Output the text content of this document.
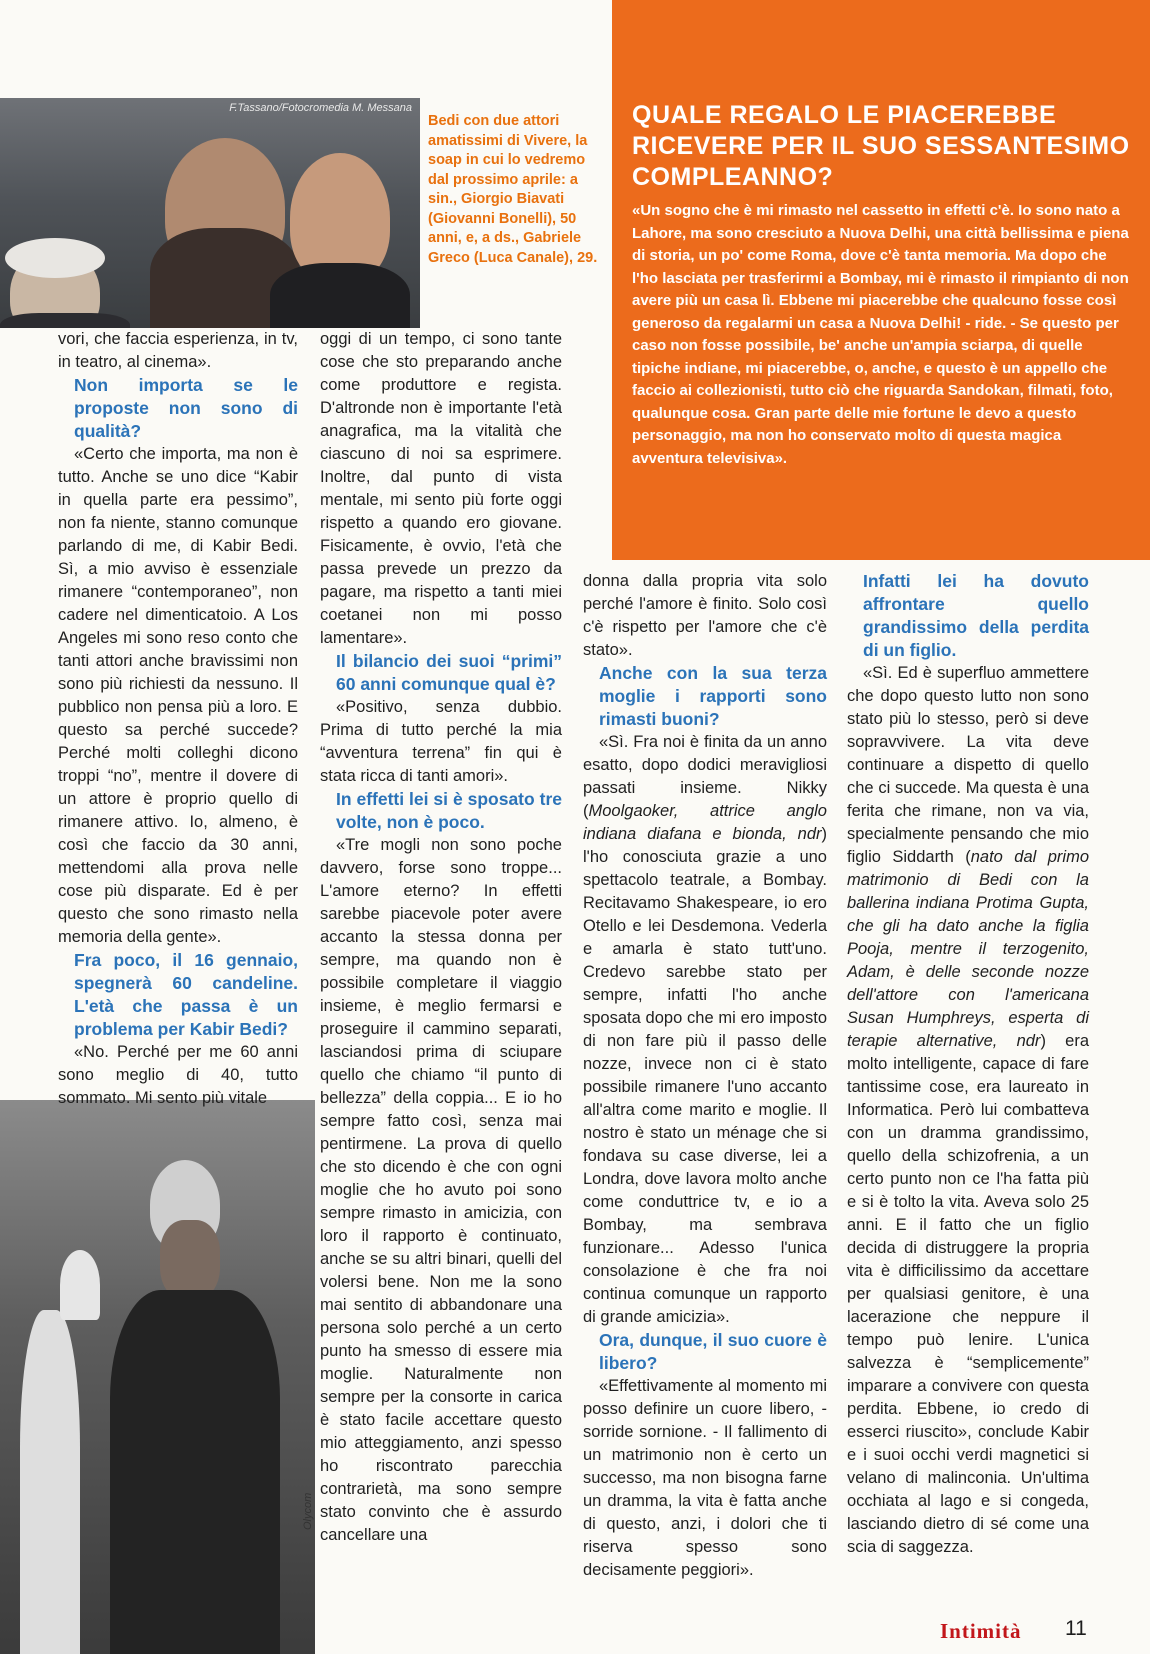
F.Tassano/Fotocromedia M. Messana
Bedi con due attori amatissimi di Vivere, la soap in cui lo vedremo dal prossimo aprile: a sin., Giorgio Biavati (Giovanni Bonelli), 50 anni, e, a ds., Gabriele Greco (Luca Canale), 29.
QUALE REGALO LE PIACEREBBE RICEVERE PER IL SUO SESSANTESIMO COMPLEANNO?
«Un sogno che è mi rimasto nel cassetto in effetti c'è. Io sono nato a Lahore, ma sono cresciuto a Nuova Delhi, una città bellissima e piena di storia, un po' come Roma, dove c'è tanta memoria. Ma dopo che l'ho lasciata per trasferirmi a Bombay, mi è rimasto il rimpianto di non avere più un casa lì. Ebbene mi piacerebbe che qualcuno fosse così generoso da regalarmi un casa a Nuova Delhi! - ride. - Se questo per caso non fosse possibile, be' anche un'ampia sciarpa, di quelle tipiche indiane, mi piacerebbe, o, anche, e questo è un appello che faccio ai collezionisti, tutto ciò che riguarda Sandokan, filmati, foto, qualunque cosa. Gran parte delle mie fortune le devo a questo personaggio, ma non ho conservato molto di questa magica avventura televisiva».
Olycom

vori, che faccia esperienza, in tv, in teatro, al cinema».

Non importa se le proposte non sono di qualità?

«Certo che importa, ma non è tutto. Anche se uno dice “Kabir in quella parte era pessimo”, non fa niente, stanno comunque parlando di me, di Kabir Bedi. Sì, a mio avviso è essenziale rimanere “contemporaneo”, non cadere nel dimenticatoio. A Los Angeles mi sono reso conto che tanti attori anche bravissimi non sono più richiesti da nessuno. Il pubblico non pensa più a loro. E questo sa perché succede? Perché molti colleghi dicono troppi “no”, mentre il dovere di un attore è proprio quello di rimanere attivo. Io, almeno, è così che faccio da 30 anni, mettendomi alla prova nelle cose più disparate. Ed è per questo che sono rimasto nella memoria della gente».

Fra poco, il 16 gennaio, spegnerà 60 candeline. L'età che passa è un problema per Kabir Bedi?

«No. Perché per me 60 anni sono meglio di 40, tutto sommato. Mi sento più vitale

oggi di un tempo, ci sono tante cose che sto preparando anche come produttore e regista. D'altronde non è importante l'età anagrafica, ma la vitalità che ciascuno di noi sa esprimere. Inoltre, dal punto di vista mentale, mi sento più forte oggi rispetto a quando ero giovane. Fisicamente, è ovvio, l'età che passa prevede un prezzo da pagare, ma rispetto a tanti miei coetanei non mi posso lamentare».

Il bilancio dei suoi “primi” 60 anni comunque qual è?

«Positivo, senza dubbio. Prima di tutto perché la mia “avventura terrena” fin qui è stata ricca di tanti amori».

In effetti lei si è sposato tre volte, non è poco.

«Tre mogli non sono poche davvero, forse sono troppe... L'amore eterno? In effetti sarebbe piacevole poter avere accanto la stessa donna per sempre, ma quando non è possibile completare il viaggio insieme, è meglio fermarsi e proseguire il cammino separati, lasciandosi prima di sciupare quello che chiamo “il punto di bellezza” della coppia... E io ho sempre fatto così, senza mai pentirmene. La prova di quello che sto dicendo è che con ogni moglie che ho avuto poi sono sempre rimasto in amicizia, con loro il rapporto è continuato, anche se su altri binari, quelli del volersi bene. Non me la sono mai sentito di abbandonare una persona solo perché a un certo punto ha smesso di essere mia moglie. Naturalmente non sempre per la consorte in carica è stato facile accettare questo mio atteggiamento, anzi spesso ho riscontrato parecchia contrarietà, ma sono sempre stato convinto che è assurdo cancellare una

donna dalla propria vita solo perché l'amore è finito. Solo così c'è rispetto per l'amore che c'è stato».

Anche con la sua terza moglie i rapporti sono rimasti buoni?

«Sì. Fra noi è finita da un anno esatto, dopo dodici meravigliosi passati insieme. Nikky (Moolgaoker, attrice anglo indiana diafana e bionda, ndr) l'ho conosciuta grazie a uno spettacolo teatrale, a Bombay. Recitavamo Shakespeare, io ero Otello e lei Desdemona. Vederla e amarla è stato tutt'uno. Credevo sarebbe stato per sempre, infatti l'ho anche sposata dopo che mi ero imposto di non fare più il passo delle nozze, invece non ci è stato possibile rimanere l'uno accanto all'altra come marito e moglie. Il nostro è stato un ménage che si fondava su case diverse, lei a Londra, dove lavora molto anche come conduttrice tv, e io a Bombay, ma sembrava funzionare... Adesso l'unica consolazione è che fra noi continua comunque un rapporto di grande amicizia».

Ora, dunque, il suo cuore è libero?

«Effettivamente al momento mi posso definire un cuore libero, - sorride sornione. - Il fallimento di un matrimonio non è certo un successo, ma non bisogna farne un dramma, la vita è fatta anche di questo, anzi, i dolori che ti riserva spesso sono decisamente peggiori».

Infatti lei ha dovuto affrontare quello grandissimo della perdita di un figlio.

«Sì. Ed è superfluo ammettere che dopo questo lutto non sono stato più lo stesso, però si deve sopravvivere. La vita deve continuare a dispetto di quello che ci succede. Ma questa è una ferita che rimane, non va via, specialmente pensando che mio figlio Siddarth (nato dal primo matrimonio di Bedi con la ballerina indiana Protima Gupta, che gli ha dato anche la figlia Pooja, mentre il terzogenito, Adam, è delle seconde nozze dell'attore con l'americana Susan Humphreys, esperta di terapie alternative, ndr) era molto intelligente, capace di fare tantissime cose, era laureato in Informatica. Però lui combatteva con un dramma grandissimo, quello della schizofrenia, a un certo punto non ce l'ha fatta più e si è tolto la vita. Aveva solo 25 anni. E il fatto che un figlio decida di distruggere la propria vita è difficilissimo da accettare per qualsiasi genitore, è una lacerazione che neppure il tempo può lenire. L'unica salvezza è “semplicemente” imparare a convivere con questa perdita. Ebbene, io credo di esserci riuscito», conclude Kabir e i suoi occhi verdi magnetici si velano di malinconia. Un'ultima occhiata al lago e si congeda, lasciando dietro di sé come una scia di saggezza.

Intimità 11
